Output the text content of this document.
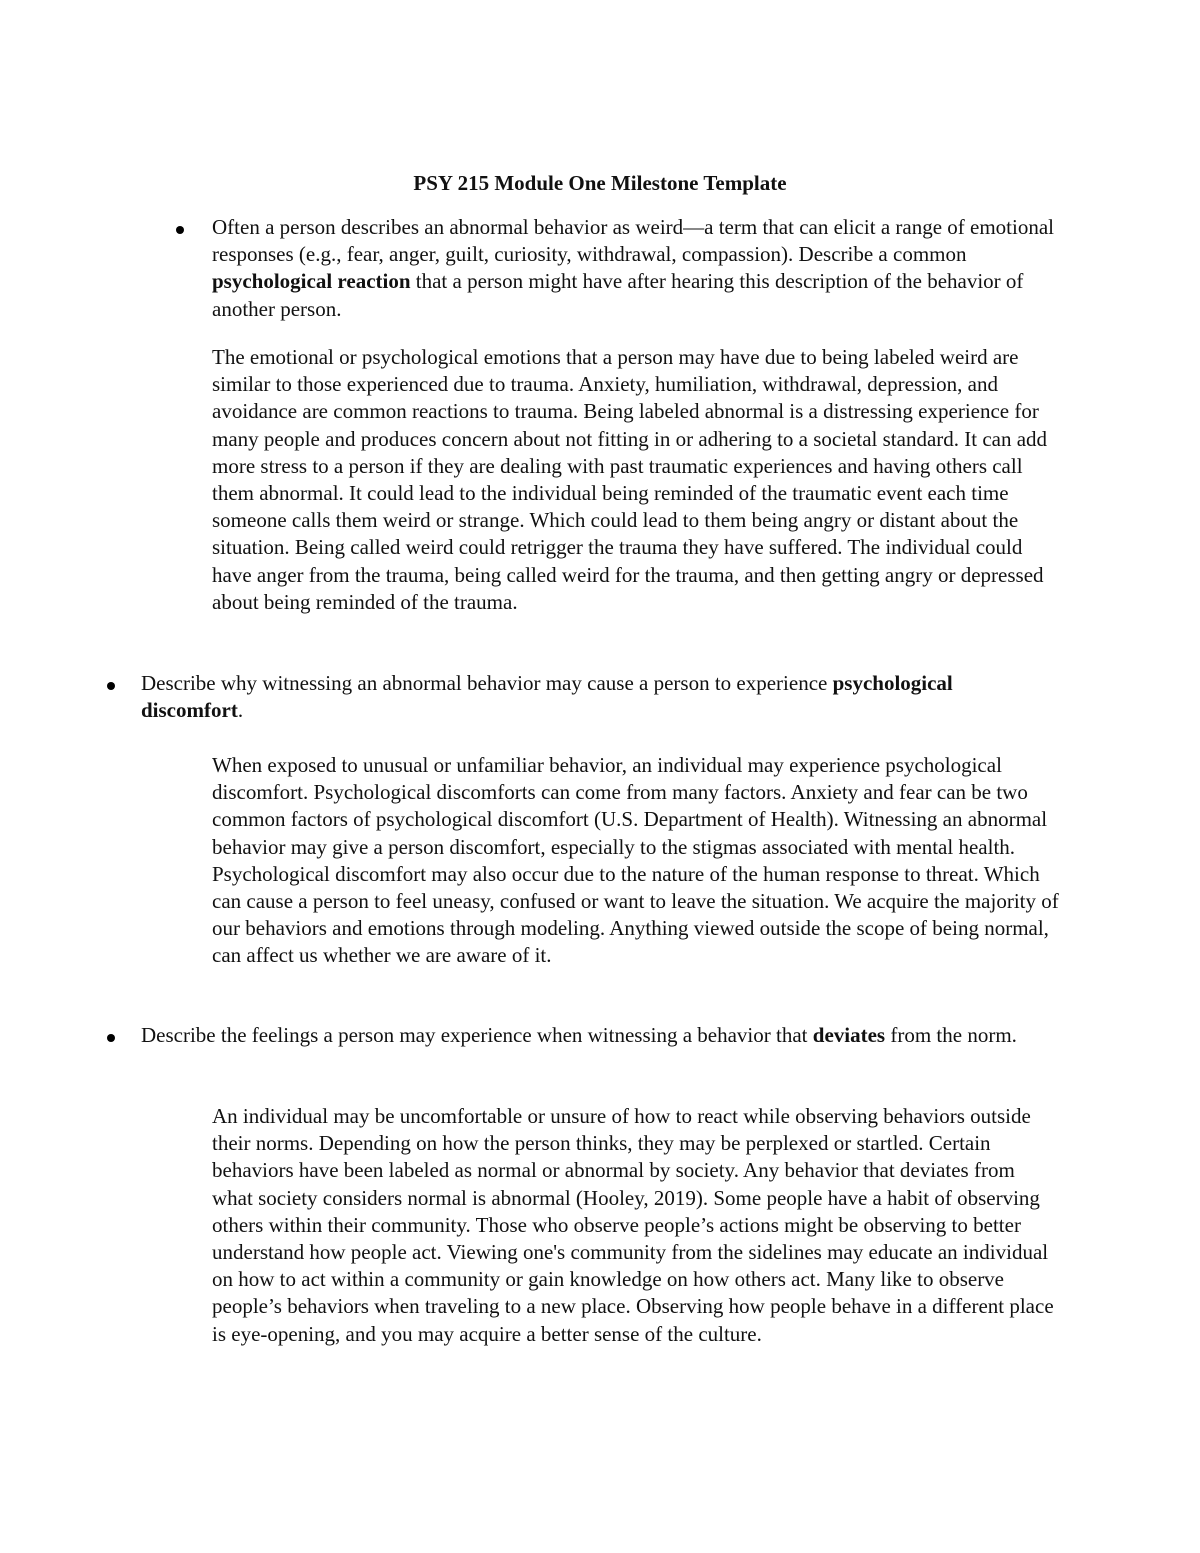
PSY 215 Module One Milestone Template

Often a person describes an abnormal behavior as weird—a term that can elicit a range of emotional responses (e.g., fear, anger, guilt, curiosity, withdrawal, compassion). Describe a common psychological reaction that a person might have after hearing this description of the behavior of another person.

The emotional or psychological emotions that a person may have due to being labeled weird are similar to those experienced due to trauma. Anxiety, humiliation, withdrawal, depression, and avoidance are common reactions to trauma. Being labeled abnormal is a distressing experience for many people and produces concern about not fitting in or adhering to a societal standard. It can add more stress to a person if they are dealing with past traumatic experiences and having others call them abnormal. It could lead to the individual being reminded of the traumatic event each time someone calls them weird or strange. Which could lead to them being angry or distant about the situation. Being called weird could retrigger the trauma they have suffered. The individual could have anger from the trauma, being called weird for the trauma, and then getting angry or depressed about being reminded of the trauma.

Describe why witnessing an abnormal behavior may cause a person to experience psychological discomfort.

When exposed to unusual or unfamiliar behavior, an individual may experience psychological discomfort. Psychological discomforts can come from many factors. Anxiety and fear can be two common factors of psychological discomfort (U.S. Department of Health). Witnessing an abnormal behavior may give a person discomfort, especially to the stigmas associated with mental health. Psychological discomfort may also occur due to the nature of the human response to threat. Which can cause a person to feel uneasy, confused or want to leave the situation. We acquire the majority of our behaviors and emotions through modeling. Anything viewed outside the scope of being normal, can affect us whether we are aware of it.

Describe the feelings a person may experience when witnessing a behavior that deviates from the norm.

An individual may be uncomfortable or unsure of how to react while observing behaviors outside their norms. Depending on how the person thinks, they may be perplexed or startled. Certain behaviors have been labeled as normal or abnormal by society. Any behavior that deviates from what society considers normal is abnormal (Hooley, 2019). Some people have a habit of observing others within their community. Those who observe people’s actions might be observing to better understand how people act. Viewing one's community from the sidelines may educate an individual on how to act within a community or gain knowledge on how others act. Many like to observe people’s behaviors when traveling to a new place. Observing how people behave in a different place is eye-opening, and you may acquire a better sense of the culture.
